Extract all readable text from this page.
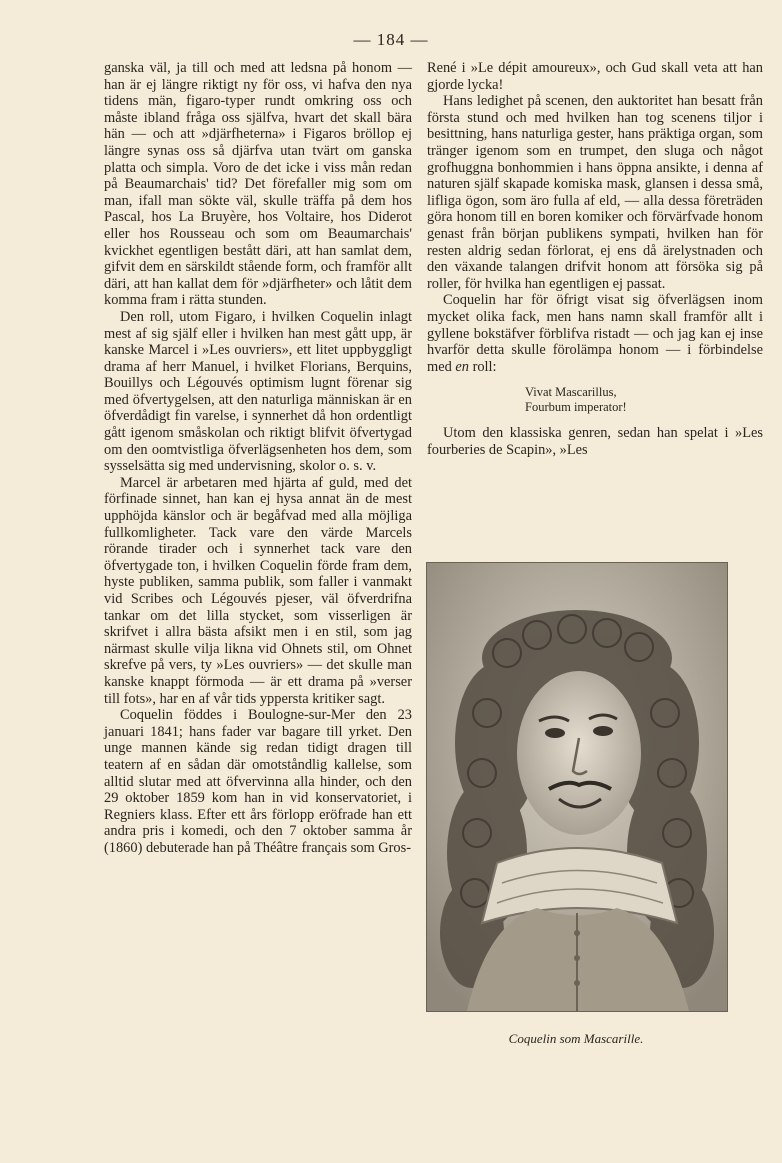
— 184 —

ganska väl, ja till och med att ledsna på honom — han är ej längre riktigt ny för oss, vi hafva den nya tidens män, figaro-typer rundt omkring oss och måste ibland fråga oss själfva, hvart det skall bära hän — och att »djärfheterna» i Figaros bröllop ej längre synas oss så djärfva utan tvärt om ganska platta och simpla. Voro de det icke i viss mån redan på Beaumarchais' tid? Det förefaller mig som om man, ifall man sökte väl, skulle träffa på dem hos Pascal, hos La Bruyère, hos Voltaire, hos Diderot eller hos Rousseau och som om Beaumarchais' kvickhet egentligen bestått däri, att han samlat dem, gifvit dem en särskildt stående form, och framför allt däri, att han kallat dem för »djärfheter» och låtit dem komma fram i rätta stunden.

Den roll, utom Figaro, i hvilken Coquelin inlagt mest af sig själf eller i hvilken han mest gått upp, är kanske Marcel i »Les ouvriers», ett litet uppbyggligt drama af herr Manuel, i hvilket Florians, Berquins, Bouillys och Légouvés optimism lugnt förenar sig med öfvertygelsen, att den naturliga människan är en öfverdådigt fin varelse, i synnerhet då hon ordentligt gått igenom småskolan och riktigt blifvit öfvertygad om den oomtvistliga öfverlägsenheten hos dem, som sysselsätta sig med undervisning, skolor o. s. v.

Marcel är arbetaren med hjärta af guld, med det förfinade sinnet, han kan ej hysa annat än de mest upphöjda känslor och är begåfvad med alla möjliga fullkomligheter. Tack vare den värde Marcels rörande tirader och i synnerhet tack vare den öfvertygade ton, i hvilken Coquelin förde fram dem, hyste publiken, samma publik, som faller i vanmakt vid Scribes och Légouvés pjeser, väl öfverdrifna tankar om det lilla stycket, som visserligen är skrifvet i allra bästa afsikt men i en stil, som jag närmast skulle vilja likna vid Ohnets stil, om Ohnet skrefve på vers, ty »Les ouvriers» — det skulle man kanske knappt förmoda — är ett drama på »verser till fots», har en af vår tids yppersta kritiker sagt.

Coquelin föddes i Boulogne-sur-Mer den 23 januari 1841; hans fader var bagare till yrket. Den unge mannen kände sig redan tidigt dragen till teatern af en sådan där omotståndlig kallelse, som alltid slutar med att öfvervinna alla hinder, och den 29 oktober 1859 kom han in vid konservatoriet, i Regniers klass. Efter ett års förlopp eröfrade han ett andra pris i komedi, och den 7 oktober samma år (1860) debuterade han på Théâtre français som Gros-

René i »Le dépit amoureux», och Gud skall veta att han gjorde lycka!

Hans ledighet på scenen, den auktoritet han besatt från första stund och med hvilken han tog scenens tiljor i besittning, hans naturliga gester, hans präktiga organ, som tränger igenom som en trumpet, den sluga och något grofhuggna bonhommien i hans öppna ansikte, i denna af naturen själf skapade komiska mask, glansen i dessa små, lifliga ögon, som äro fulla af eld, — alla dessa företräden göra honom till en boren komiker och förvärfvade honom genast från början publikens sympati, hvilken han för resten aldrig sedan förlorat, ej ens då ärelystnaden och den växande talangen drifvit honom att försöka sig på roller, för hvilka han egentligen ej passat.

Coquelin har för öfrigt visat sig öfverlägsen inom mycket olika fack, men hans namn skall framför allt i gyllene bokstäfver förblifva ristadt — och jag kan ej inse hvarför detta skulle förolämpa honom — i förbindelse med en roll:

Vivat Mascarillus,
Fourbum imperator!

Utom den klassiska genren, sedan han spelat i »Les fourberies de Scapin», »Les

Coquelin som Mascarille.
